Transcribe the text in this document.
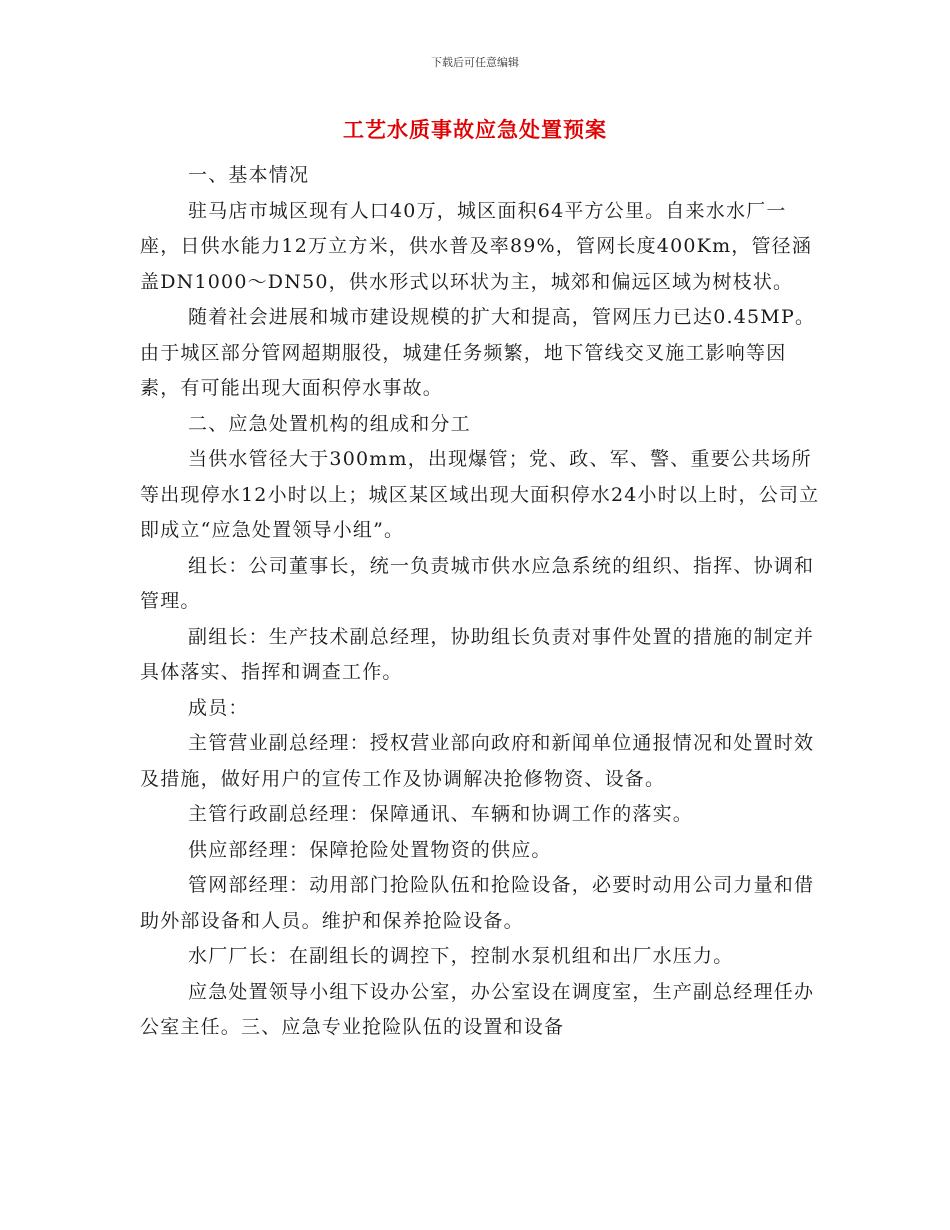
下载后可任意编辑
工艺水质事故应急处置预案

一、基本情况

驻马店市城区现有人口40万，城区面积64平方公里。自来水水厂一座，日供水能力12万立方米，供水普及率89%，管网长度400Km，管径涵盖DN1000～DN50，供水形式以环状为主，城郊和偏远区域为树枝状。

随着社会进展和城市建设规模的扩大和提高，管网压力已达0.45MP。由于城区部分管网超期服役，城建任务频繁，地下管线交叉施工影响等因素，有可能出现大面积停水事故。

二、应急处置机构的组成和分工

当供水管径大于300mm，出现爆管；党、政、军、警、重要公共场所等出现停水12小时以上；城区某区域出现大面积停水24小时以上时，公司立即成立“应急处置领导小组”。

组长：公司董事长，统一负责城市供水应急系统的组织、指挥、协调和管理。

副组长：生产技术副总经理，协助组长负责对事件处置的措施的制定并具体落实、指挥和调查工作。

成员：

主管营业副总经理：授权营业部向政府和新闻单位通报情况和处置时效及措施，做好用户的宣传工作及协调解决抢修物资、设备。

主管行政副总经理：保障通讯、车辆和协调工作的落实。

供应部经理：保障抢险处置物资的供应。

管网部经理：动用部门抢险队伍和抢险设备，必要时动用公司力量和借助外部设备和人员。维护和保养抢险设备。

水厂厂长：在副组长的调控下，控制水泵机组和出厂水压力。

应急处置领导小组下设办公室，办公室设在调度室，生产副总经理任办公室主任。三、应急专业抢险队伍的设置和设备
